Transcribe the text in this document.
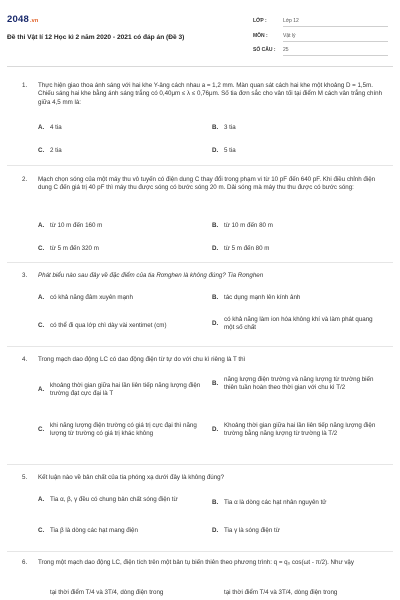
2048.vn
Đề thi Vật lí 12 Học kì 2 năm 2020 - 2021 có đáp án (Đề 3)
LỚP :	Lớp 12
MÔN :	Vật lý
SỐ CÂU : 25
1. Thực hiện giao thoa ánh sáng với hai khe Y-âng cách nhau a = 1,2 mm. Màn quan sát cách hai khe một khoảng D = 1,5m. Chiếu sáng hai khe bằng ánh sáng trắng có 0,40μm ≤ λ ≤ 0,76μm. Số tia đơn sắc cho vân tối tại điểm M cách vân trắng chính giữa 4,5 mm là:
A. 4 tia	B. 3 tia
C. 2 tia	D. 5 tia
2. Mạch chọn sóng của một máy thu vô tuyến có điện dung C thay đổi trong phạm vi từ 10 pF đến 640 pF. Khi điều chỉnh điện dung C đến giá trị 40 pF thì máy thu được sóng có bước sóng 20 m. Dải sóng mà máy thu thu được có bước sóng:
A. từ 10 m đến 160 m	B. từ 10 m đến 80 m
C. từ 5 m đến 320 m	D. từ 5 m đến 80 m
3. Phát biểu nào sau đây về đặc điểm của tia Rơnghen là không đúng? Tia Rơnghen
A. có khả năng đâm xuyên mạnh	B. tác dụng mạnh lên kính ảnh
C. có thể đi qua lớp chì dày vài xentimet (cm)	D.
có khả năng làm ion hóa không khí và làm phát quang một số chất
4. Trong mạch dao động LC có dao động điện từ tự do với chu kì riêng là T thì
A.
khoảng thời gian giữa hai lần liên tiếp năng lượng điện trường đạt cực đại là T
B.
năng lượng điện trường và năng lượng từ trường biến thiên tuần hoàn theo thời gian với chu kì T/2
C.
khi năng lượng điện trường có giá trị cực đại thì năng lượng từ trường có giá trị khác không
D.
Khoảng thời gian giữa hai lần liên tiếp năng lượng điện trường bằng năng lượng từ trường là T/2
5. Kết luận nào về bản chất của tia phóng xạ dưới đây là không đúng?
A. Tia α, β, γ đều có chung bản chất sóng điện từ	B. Tia α là dòng các hạt nhân nguyên tử
C. Tia β là dòng các hạt mang điện	D. Tia γ là sóng điện từ
6. Trong một mạch dao động LC, điện tích trên một bản tụ biến thiên theo phương trình: q = q₀ cos(ωt - π/2). Như vậy
tại thời điểm T/4 và 3T/4, dòng điện trong	tại thời điểm T/4 và 3T/4, dòng điện trong
